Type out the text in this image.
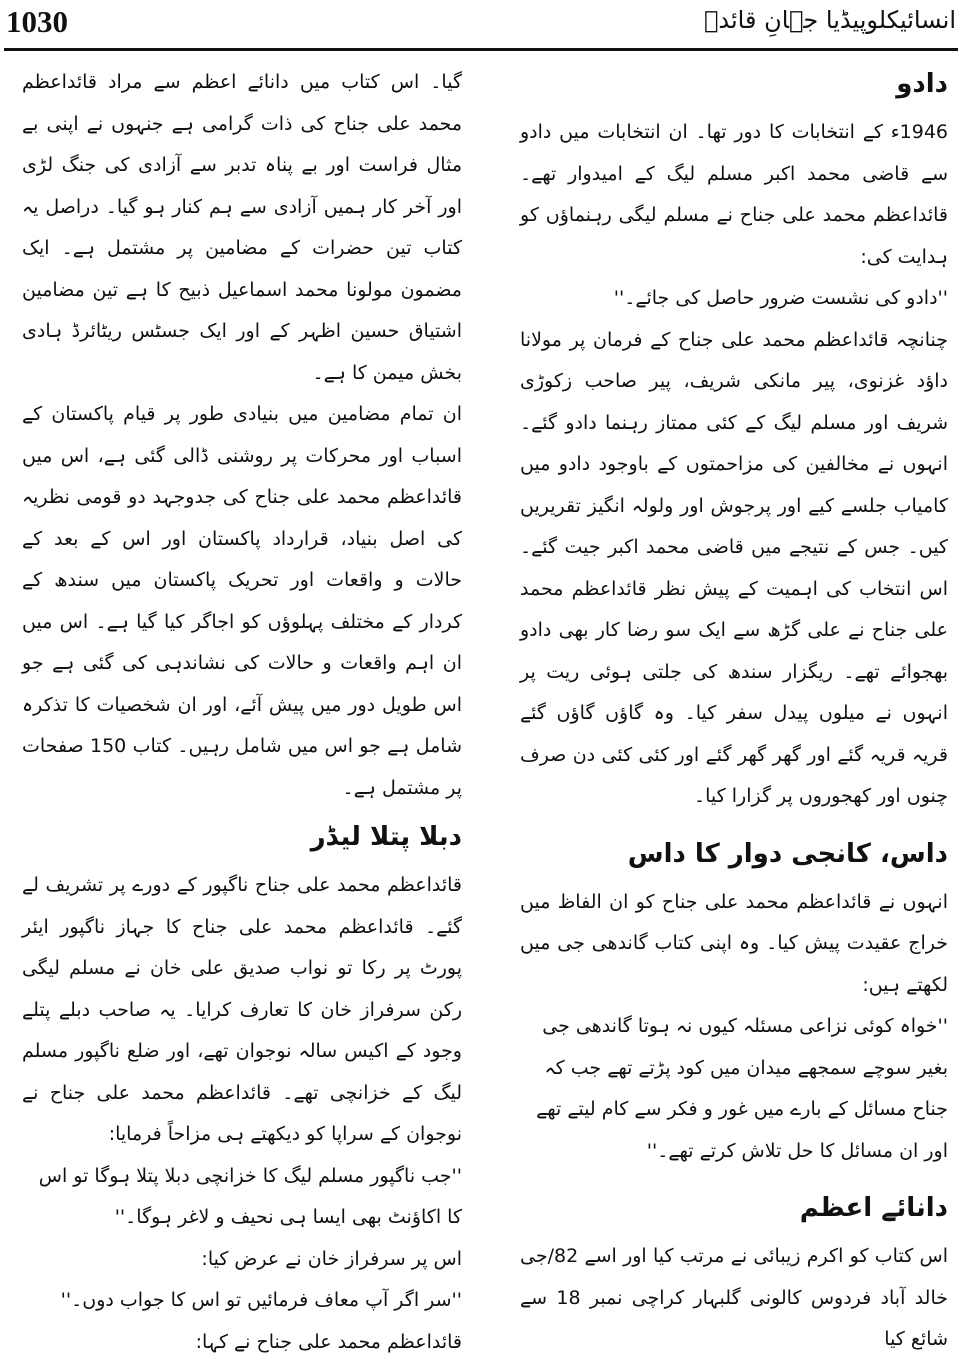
1030	انسائیکلوپیڈیا جہانِ قائدؒ
دادو

1946ء کے انتخابات کا دور تھا۔ ان انتخابات میں دادو سے قاضی محمد اکبر مسلم لیگ کے امیدوار تھے۔ قائداعظم محمد علی جناح نے مسلم لیگی رہنماؤں کو ہدایت کی:

''دادو کی نشست ضرور حاصل کی جائے۔''

چنانچہ قائداعظم محمد علی جناح کے فرمان پر مولانا داؤد غزنوی، پیر مانکی شریف، پیر صاحب زکوڑی شریف اور مسلم لیگ کے کئی ممتاز رہنما دادو گئے۔ انہوں نے مخالفین کی مزاحمتوں کے باوجود دادو میں کامیاب جلسے کیے اور پرجوش اور ولولہ انگیز تقریریں کیں۔ جس کے نتیجے میں قاضی محمد اکبر جیت گئے۔ اس انتخاب کی اہمیت کے پیش نظر قائداعظم محمد علی جناح نے علی گڑھ سے ایک سو رضا کار بھی دادو بھجوائے تھے۔ ریگزار سندھ کی جلتی ہوئی ریت پر انہوں نے میلوں پیدل سفر کیا۔ وہ گاؤں گاؤں گئے قریہ قریہ گئے اور گھر گھر گئے اور کئی کئی دن صرف چنوں اور کھجوروں پر گزارا کیا۔

داس، کانجی دوار کا داس

انہوں نے قائداعظم محمد علی جناح کو ان الفاظ میں خراج عقیدت پیش کیا۔ وہ اپنی کتاب گاندھی جی میں لکھتے ہیں:

''خواہ کوئی نزاعی مسئلہ کیوں نہ ہوتا گاندھی جی بغیر سوچے سمجھے میدان میں کود پڑتے تھے جب کہ جناح مسائل کے بارے میں غور و فکر سے کام لیتے تھے اور ان مسائل کا حل تلاش کرتے تھے۔''

دانائے اعظم

اس کتاب کو اکرم زیبائی نے مرتب کیا اور اسے 82/جی خالد آباد فردوس کالونی گلبہار کراچی نمبر 18 سے شائع کیا

گیا۔ اس کتاب میں دانائے اعظم سے مراد قائداعظم محمد علی جناح کی ذات گرامی ہے جنہوں نے اپنی بے مثال فراست اور بے پناہ تدبر سے آزادی کی جنگ لڑی اور آخر کار ہمیں آزادی سے ہم کنار ہو گیا۔ دراصل یہ کتاب تین حضرات کے مضامین پر مشتمل ہے۔ ایک مضمون مولونا محمد اسماعیل ذبیح کا ہے تین مضامین اشتیاق حسین اظہر کے اور ایک جسٹس ریٹائرڈ ہادی بخش میمن کا ہے۔

ان تمام مضامین میں بنیادی طور پر قیام پاکستان کے اسباب اور محرکات پر روشنی ڈالی گئی ہے، اس میں قائداعظم محمد علی جناح کی جدوجہد دو قومی نظریہ کی اصل بنیاد، قرارداد پاکستان اور اس کے بعد کے حالات و واقعات اور تحریک پاکستان میں سندھ کے کردار کے مختلف پہلوؤں کو اجاگر کیا گیا ہے۔ اس میں ان اہم واقعات و حالات کی نشاندہی کی گئی ہے جو اس طویل دور میں پیش آئے، اور ان شخصیات کا تذکرہ شامل ہے جو اس میں شامل رہیں۔ کتاب 150 صفحات پر مشتمل ہے۔

دبلا پتلا لیڈر

قائداعظم محمد علی جناح ناگپور کے دورے پر تشریف لے گئے۔ قائداعظم محمد علی جناح کا جہاز ناگپور ایئر پورٹ پر رکا تو نواب صدیق علی خان نے مسلم لیگی رکن سرفراز خان کا تعارف کرایا۔ یہ صاحب دبلے پتلے وجود کے اکیس سالہ نوجوان تھے، اور ضلع ناگپور مسلم لیگ کے خزانچی تھے۔ قائداعظم محمد علی جناح نے نوجوان کے سراپا کو دیکھتے ہی مزاحاً فرمایا:

''جب ناگپور مسلم لیگ کا خزانچی دبلا پتلا ہوگا تو اس کا اکاؤنٹ بھی ایسا ہی نحیف و لاغر ہوگا۔''

اس پر سرفراز خان نے عرض کیا:

''سر اگر آپ معاف فرمائیں تو اس کا جواب دوں۔''

قائداعظم محمد علی جناح نے کہا:
